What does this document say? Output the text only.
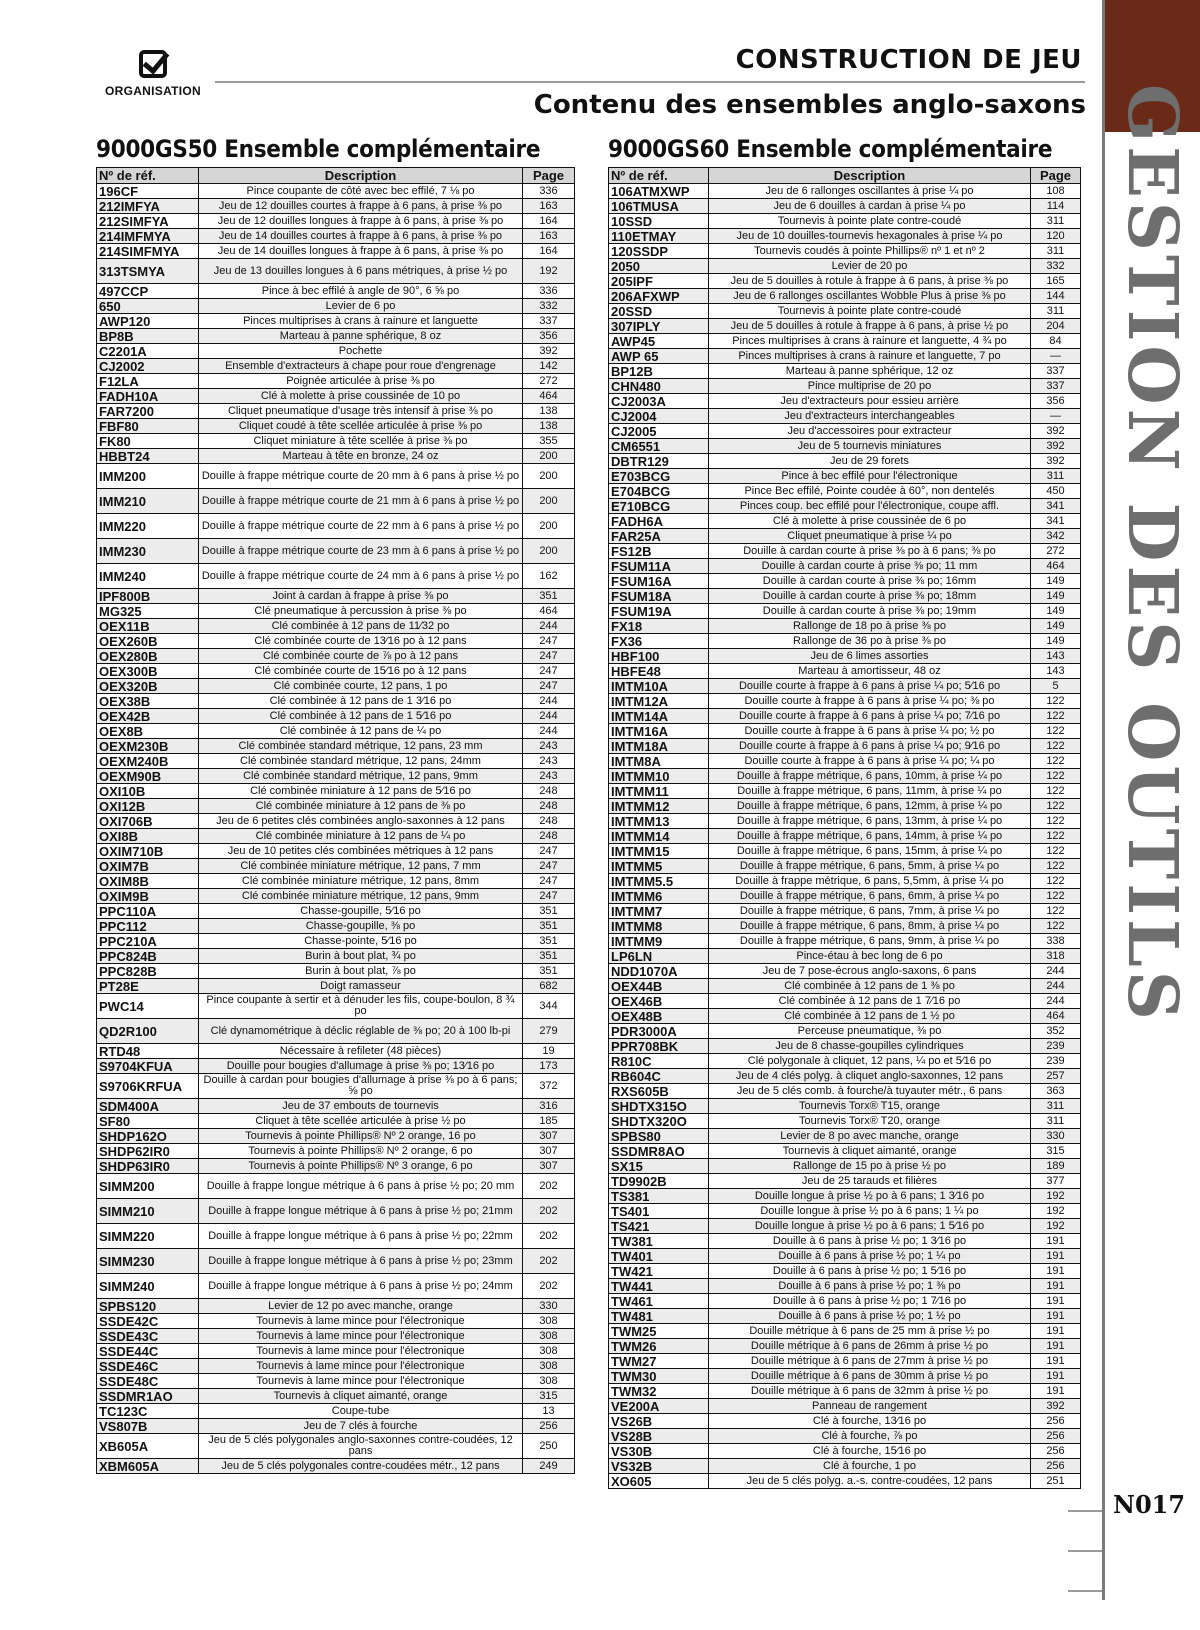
ORGANISATION
CONSTRUCTION DE JEU
Contenu des ensembles anglo-saxons GESTION DES OUTILS
N017
9000GS50 Ensemble complémentaire
Nº de réf.	Description	Page
196CF	Pince coupante de côté avec bec effilé, 7 ⅛ po	336
212IMFYA	Jeu de 12 douilles courtes à frappe à 6 pans, à prise ⅜ po	163
212SIMFYA	Jeu de 12 douilles longues à frappe à 6 pans, à prise ⅜ po	164
214IMFMYA	Jeu de 14 douilles courtes à frappe à 6 pans, à prise ⅜ po	163
214SIMFMYA	Jeu de 14 douilles longues à frappe à 6 pans, à prise ⅜ po	164
313TSMYA	Jeu de 13 douilles longues à 6 pans métriques, à prise ½ po	192
497CCP	Pince à bec effilé à angle de 90°, 6 ⅝ po	336
650	Levier de 6 po	332
AWP120	Pinces multiprises à crans à rainure et languette	337
BP8B	Marteau à panne sphérique, 8 oz	356
C2201A	Pochette	392
CJ2002	Ensemble d'extracteurs à chape pour roue d'engrenage	142
F12LA	Poignée articulée à prise ⅜ po	272
FADH10A	Clé à molette à prise coussinée de 10 po	464
FAR7200	Cliquet pneumatique d'usage très intensif à prise ⅜ po	138
FBF80	Cliquet coudé à tête scellée articulée à prise ⅜ po	138
FK80	Cliquet miniature à tête scellée à prise ⅜ po	355
HBBT24	Marteau à tête en bronze, 24 oz	200
IMM200	Douille à frappe métrique courte de 20 mm à 6 pans à prise ½ po	200
IMM210	Douille à frappe métrique courte de 21 mm à 6 pans à prise ½ po	200
IMM220	Douille à frappe métrique courte de 22 mm à 6 pans à prise ½ po	200
IMM230	Douille à frappe métrique courte de 23 mm à 6 pans à prise ½ po	200
IMM240	Douille à frappe métrique courte de 24 mm à 6 pans à prise ½ po	162
IPF800B	Joint à cardan à frappe à prise ⅜ po	351
MG325	Clé pneumatique à percussion à prise ⅜ po	464
OEX11B	Clé combinée à 12 pans de 11⁄32 po	244
OEX260B	Clé combinée courte de 13⁄16 po à 12 pans	247
OEX280B	Clé combinée courte de ⅞ po à 12 pans	247
OEX300B	Clé combinée courte de 15⁄16 po à 12 pans	247
OEX320B	Clé combinée courte, 12 pans, 1 po	247
OEX38B	Clé combinée à 12 pans de 1 3⁄16 po	244
OEX42B	Clé combinée à 12 pans de 1 5⁄16 po	244
OEX8B	Clé combinée à 12 pans de ¼ po	244
OEXM230B	Clé combinée standard métrique, 12 pans, 23 mm	243
OEXM240B	Clé combinée standard métrique, 12 pans, 24mm	243
OEXM90B	Clé combinée standard métrique, 12 pans, 9mm	243
OXI10B	Clé combinée miniature à 12 pans de 5⁄16 po	248
OXI12B	Clé combinée miniature à 12 pans de ⅜ po	248
OXI706B	Jeu de 6 petites clés combinées anglo-saxonnes à 12 pans	248
OXI8B	Clé combinée miniature à 12 pans de ¼ po	248
OXIM710B	Jeu de 10 petites clés combinées métriques à 12 pans	247
OXIM7B	Clé combinée miniature métrique, 12 pans, 7 mm	247
OXIM8B	Clé combinée miniature métrique, 12 pans, 8mm	247
OXIM9B	Clé combinée miniature métrique, 12 pans, 9mm	247
PPC110A	Chasse-goupille, 5⁄16 po	351
PPC112	Chasse-goupille, ⅜ po	351
PPC210A	Chasse-pointe, 5⁄16 po	351
PPC824B	Burin à bout plat, ¾ po	351
PPC828B	Burin à bout plat, ⅞ po	351
PT28E	Doigt ramasseur	682
PWC14	Pince coupante à sertir et à dénuder les fils, coupe-boulon, 8 ¾ po	344
QD2R100	Clé dynamométrique à déclic réglable de ⅜ po; 20 à 100 lb-pi	279
RTD48	Nécessaire à refileter (48 pièces)	19
S9704KFUA	Douille pour bougies d'allumage à prise ⅜ po; 13⁄16 po	173
S9706KRFUA	Douille à cardan pour bougies d'allumage à prise ⅜ po à 6 pans; ⅝ po	372
SDM400A	Jeu de 37 embouts de tournevis	316
SF80	Cliquet à tête scellée articulée à prise ½ po	185
SHDP162O	Tournevis à pointe Phillips® Nº 2 orange, 16 po	307
SHDP62IR0	Tournevis à pointe Phillips® Nº 2 orange, 6 po	307
SHDP63IR0	Tournevis à pointe Phillips® Nº 3 orange, 6 po	307
SIMM200	Douille à frappe longue métrique à 6 pans à prise ½ po; 20 mm	202
SIMM210	Douille à frappe longue métrique à 6 pans à prise ½ po; 21mm	202
SIMM220	Douille à frappe longue métrique à 6 pans à prise ½ po; 22mm	202
SIMM230	Douille à frappe longue métrique à 6 pans à prise ½ po; 23mm	202
SIMM240	Douille à frappe longue métrique à 6 pans à prise ½ po; 24mm	202
SPBS120	Levier de 12 po avec manche, orange	330
SSDE42C	Tournevis à lame mince pour l'électronique	308
SSDE43C	Tournevis à lame mince pour l'électronique	308
SSDE44C	Tournevis à lame mince pour l'électronique	308
SSDE46C	Tournevis à lame mince pour l'électronique	308
SSDE48C	Tournevis à lame mince pour l'électronique	308
SSDMR1AO	Tournevis à cliquet aimanté, orange	315
TC123C	Coupe-tube	13
VS807B	Jeu de 7 clés à fourche	256
XB605A	Jeu de 5 clés polygonales anglo-saxonnes contre-coudées, 12 pans	250
XBM605A	Jeu de 5 clés polygonales contre-coudées métr., 12 pans	249
9000GS60 Ensemble complémentaire
Nº de réf.	Description	Page
106ATMXWP	Jeu de 6 rallonges oscillantes à prise ¼ po	108
106TMUSA	Jeu de 6 douilles à cardan à prise ¼ po	114
10SSD	Tournevis à pointe plate contre-coudé	311
110ETMAY	Jeu de 10 douilles-tournevis hexagonales à prise ¼ po	120
120SSDP	Tournevis coudés à pointe Phillips® nº 1 et nº 2	311
2050	Levier de 20 po	332
205IPF	Jeu de 5 douilles à rotule à frappe à 6 pans, à prise ⅜ po	165
206AFXWP	Jeu de 6 rallonges oscillantes Wobble Plus à prise ⅜ po	144
20SSD	Tournevis à pointe plate contre-coudé	311
307IPLY	Jeu de 5 douilles à rotule à frappe à 6 pans, à prise ½ po	204
AWP45	Pinces multiprises à crans à rainure et languette, 4 ¾ po	84
AWP 65	Pinces multiprises à crans à rainure et languette, 7 po	—
BP12B	Marteau à panne sphérique, 12 oz	337
CHN480	Pince multiprise de 20 po	337
CJ2003A	Jeu d'extracteurs pour essieu arrière	356
CJ2004	Jeu d'extracteurs interchangeables	—
CJ2005	Jeu d'accessoires pour extracteur	392
CM6551	Jeu de 5 tournevis miniatures	392
DBTR129	Jeu de 29 forets	392
E703BCG	Pince à bec effilé pour l'électronique	311
E704BCG	Pince Bec effilé, Pointe coudée à 60°, non dentelés	450
E710BCG	Pinces coup. bec effilé pour l'électronique, coupe affl.	341
FADH6A	Clé à molette à prise coussinée de 6 po	341
FAR25A	Cliquet pneumatique à prise ¼ po	342
FS12B	Douille à cardan courte à prise ⅜ po à 6 pans; ⅜ po	272
FSUM11A	Douille à cardan courte à prise ⅜ po; 11 mm	464
FSUM16A	Douille à cardan courte à prise ⅜ po; 16mm	149
FSUM18A	Douille à cardan courte à prise ⅜ po; 18mm	149
FSUM19A	Douille à cardan courte à prise ⅜ po; 19mm	149
FX18	Rallonge de 18 po à prise ⅜ po	149
FX36	Rallonge de 36 po à prise ⅜ po	149
HBF100	Jeu de 6 limes assorties	143
HBFE48	Marteau à amortisseur, 48 oz	143
IMTM10A	Douille courte à frappe à 6 pans à prise ¼ po; 5⁄16 po	5
IMTM12A	Douille courte à frappe à 6 pans à prise ¼ po; ⅜ po	122
IMTM14A	Douille courte à frappe à 6 pans à prise ¼ po; 7⁄16 po	122
IMTM16A	Douille courte à frappe à 6 pans à prise ¼ po; ½ po	122
IMTM18A	Douille courte à frappe à 6 pans à prise ¼ po; 9⁄16 po	122
IMTM8A	Douille courte à frappe à 6 pans à prise ¼ po; ¼ po	122
IMTMM10	Douille à frappe métrique, 6 pans, 10mm, à prise ¼ po	122
IMTMM11	Douille à frappe métrique, 6 pans, 11mm, à prise ¼ po	122
IMTMM12	Douille à frappe métrique, 6 pans, 12mm, à prise ¼ po	122
IMTMM13	Douille à frappe métrique, 6 pans, 13mm, à prise ¼ po	122
IMTMM14	Douille à frappe métrique, 6 pans, 14mm, à prise ¼ po	122
IMTMM15	Douille à frappe métrique, 6 pans, 15mm, à prise ¼ po	122
IMTMM5	Douille à frappe métrique, 6 pans, 5mm, à prise ¼ po	122
IMTMM5.5	Douille à frappe métrique, 6 pans, 5,5mm, à prise ¼ po	122
IMTMM6	Douille à frappe métrique, 6 pans, 6mm, à prise ¼ po	122
IMTMM7	Douille à frappe métrique, 6 pans, 7mm, à prise ¼ po	122
IMTMM8	Douille à frappe métrique, 6 pans, 8mm, à prise ¼ po	122
IMTMM9	Douille à frappe métrique, 6 pans, 9mm, à prise ¼ po	338
LP6LN	Pince-étau à bec long de 6 po	318
NDD1070A	Jeu de 7 pose-écrous anglo-saxons, 6 pans	244
OEX44B	Clé combinée à 12 pans de 1 ⅜ po	244
OEX46B	Clé combinée à 12 pans de 1 7⁄16 po	244
OEX48B	Clé combinée à 12 pans de 1 ½ po	464
PDR3000A	Perceuse pneumatique, ⅜ po	352
PPR708BK	Jeu de 8 chasse-goupilles cylindriques	239
R810C	Clé polygonale à cliquet, 12 pans, ¼ po et 5⁄16 po	239
RB604C	Jeu de 4 clés polyg. à cliquet anglo-saxonnes, 12 pans	257
RXS605B	Jeu de 5 clés comb. à fourche/à tuyauter métr., 6 pans	363
SHDTX315O	Tournevis Torx® T15, orange	311
SHDTX320O	Tournevis Torx® T20, orange	311
SPBS80	Levier de 8 po avec manche, orange	330
SSDMR8AO	Tournevis à cliquet aimanté, orange	315
SX15	Rallonge de 15 po à prise ½ po	189
TD9902B	Jeu de 25 tarauds et filières	377
TS381	Douille longue à prise ½ po à 6 pans; 1 3⁄16 po	192
TS401	Douille longue à prise ½ po à 6 pans; 1 ¼ po	192
TS421	Douille longue à prise ½ po à 6 pans; 1 5⁄16 po	192
TW381	Douille à 6 pans à prise ½ po; 1 3⁄16 po	191
TW401	Douille à 6 pans à prise ½ po; 1 ¼ po	191
TW421	Douille à 6 pans à prise ½ po; 1 5⁄16 po	191
TW441	Douille à 6 pans à prise ½ po; 1 ⅜ po	191
TW461	Douille à 6 pans à prise ½ po; 1 7⁄16 po	191
TW481	Douille à 6 pans à prise ½ po; 1 ½ po	191
TWM25	Douille métrique à 6 pans de 25 mm à prise ½ po	191
TWM26	Douille métrique à 6 pans de 26mm à prise ½ po	191
TWM27	Douille métrique à 6 pans de 27mm à prise ½ po	191
TWM30	Douille métrique à 6 pans de 30mm à prise ½ po	191
TWM32	Douille métrique à 6 pans de 32mm à prise ½ po	191
VE200A	Panneau de rangement	392
VS26B	Clé à fourche, 13⁄16 po	256
VS28B	Clé à fourche, ⅞ po	256
VS30B	Clé à fourche, 15⁄16 po	256
VS32B	Clé à fourche, 1 po	256
XO605	Jeu de 5 clés polyg. a.-s. contre-coudées, 12 pans	251
